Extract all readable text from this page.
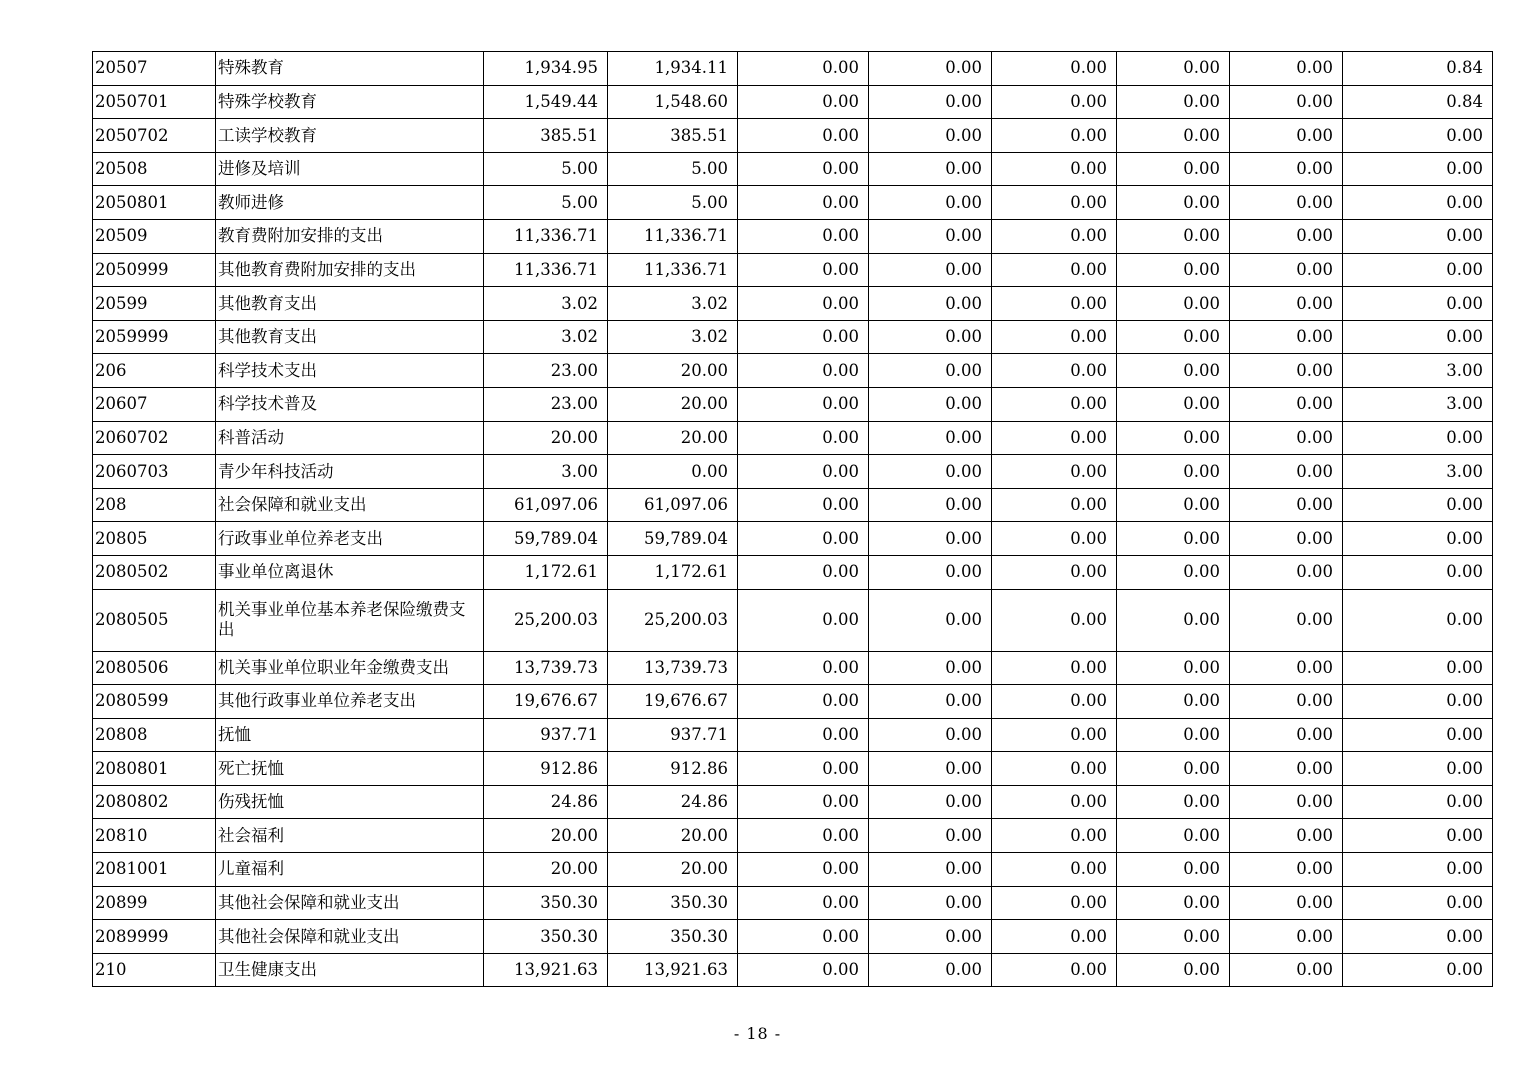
20507	特殊教育	1,934.95	1,934.11	0.00	0.00	0.00	0.00	0.00	0.84
2050701	特殊学校教育	1,549.44	1,548.60	0.00	0.00	0.00	0.00	0.00	0.84
2050702	工读学校教育	385.51	385.51	0.00	0.00	0.00	0.00	0.00	0.00
20508	进修及培训	5.00	5.00	0.00	0.00	0.00	0.00	0.00	0.00
2050801	教师进修	5.00	5.00	0.00	0.00	0.00	0.00	0.00	0.00
20509	教育费附加安排的支出	11,336.71	11,336.71	0.00	0.00	0.00	0.00	0.00	0.00
2050999	其他教育费附加安排的支出	11,336.71	11,336.71	0.00	0.00	0.00	0.00	0.00	0.00
20599	其他教育支出	3.02	3.02	0.00	0.00	0.00	0.00	0.00	0.00
2059999	其他教育支出	3.02	3.02	0.00	0.00	0.00	0.00	0.00	0.00
206	科学技术支出	23.00	20.00	0.00	0.00	0.00	0.00	0.00	3.00
20607	科学技术普及	23.00	20.00	0.00	0.00	0.00	0.00	0.00	3.00
2060702	科普活动	20.00	20.00	0.00	0.00	0.00	0.00	0.00	0.00
2060703	青少年科技活动	3.00	0.00	0.00	0.00	0.00	0.00	0.00	3.00
208	社会保障和就业支出	61,097.06	61,097.06	0.00	0.00	0.00	0.00	0.00	0.00
20805	行政事业单位养老支出	59,789.04	59,789.04	0.00	0.00	0.00	0.00	0.00	0.00
2080502	事业单位离退休	1,172.61	1,172.61	0.00	0.00	0.00	0.00	0.00	0.00
2080505	机关事业单位基本养老保险缴费支出	25,200.03	25,200.03	0.00	0.00	0.00	0.00	0.00	0.00
2080506	机关事业单位职业年金缴费支出	13,739.73	13,739.73	0.00	0.00	0.00	0.00	0.00	0.00
2080599	其他行政事业单位养老支出	19,676.67	19,676.67	0.00	0.00	0.00	0.00	0.00	0.00
20808	抚恤	937.71	937.71	0.00	0.00	0.00	0.00	0.00	0.00
2080801	死亡抚恤	912.86	912.86	0.00	0.00	0.00	0.00	0.00	0.00
2080802	伤残抚恤	24.86	24.86	0.00	0.00	0.00	0.00	0.00	0.00
20810	社会福利	20.00	20.00	0.00	0.00	0.00	0.00	0.00	0.00
2081001	儿童福利	20.00	20.00	0.00	0.00	0.00	0.00	0.00	0.00
20899	其他社会保障和就业支出	350.30	350.30	0.00	0.00	0.00	0.00	0.00	0.00
2089999	其他社会保障和就业支出	350.30	350.30	0.00	0.00	0.00	0.00	0.00	0.00
210	卫生健康支出	13,921.63	13,921.63	0.00	0.00	0.00	0.00	0.00	0.00
- 18 -
